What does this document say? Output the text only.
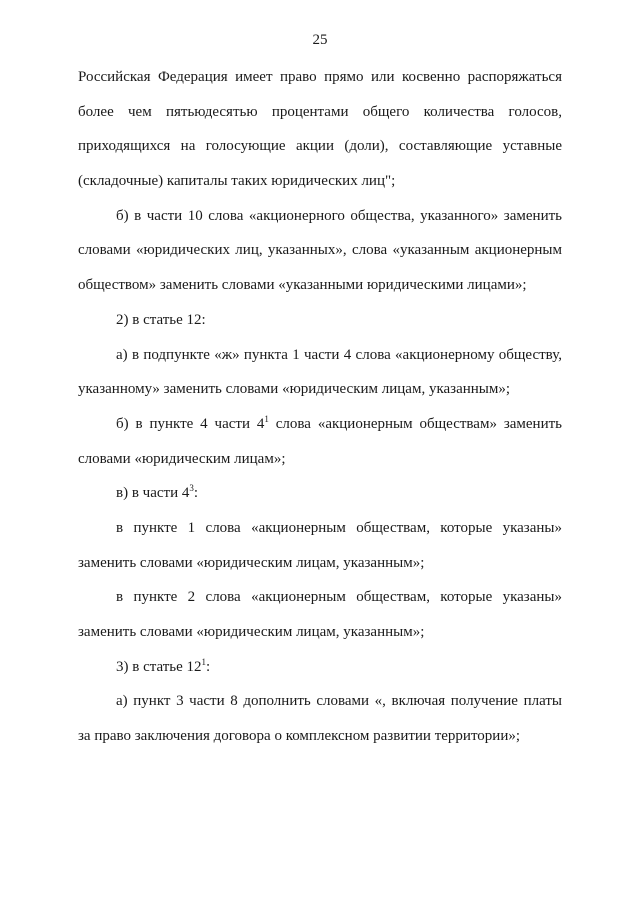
25
Российская Федерация имеет право прямо или косвенно распоряжаться
более чем пятьюдесятью процентами общего количества голосов,
приходящихся на голосующие акции (доли), составляющие уставные
(складочные) капиталы таких юридических лиц";
б) в части 10 слова «акционерного общества, указанного» заменить
словами «юридических лиц, указанных», слова «указанным акционерным
обществом» заменить словами «указанными юридическими лицами»;
2) в статье 12:
а) в подпункте «ж» пункта 1 части 4 слова «акционерному обществу,
указанному» заменить словами «юридическим лицам, указанным»;
б) в пункте 4 части $4^1$ слова «акционерным обществам» заменить
словами «юридическим лицам»;
в) в части $4^3$:
в пункте 1 слова «акционерным обществам, которые указаны»
заменить словами «юридическим лицам, указанным»;
в пункте 2 слова «акционерным обществам, которые указаны»
заменить словами «юридическим лицам, указанным»;
3) в статье $12^1$:
а) пункт 3 части 8 дополнить словами «, включая получение платы
за право заключения договора о комплексном развитии территории»;
